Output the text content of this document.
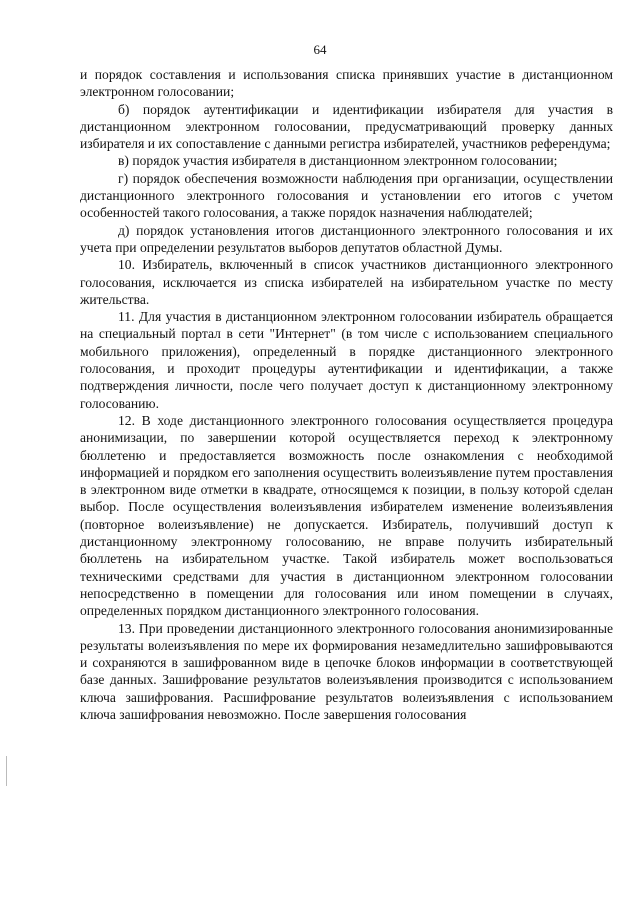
64

и порядок составления и использования списка принявших участие в дистанционном электронном голосовании;

б) порядок аутентификации и идентификации избирателя для участия в дистанционном электронном голосовании, предусматривающий проверку данных избирателя и их сопоставление с данными регистра избирателей, участников референдума;

в) порядок участия избирателя в дистанционном электронном голосовании;

г) порядок обеспечения возможности наблюдения при организации, осуществлении дистанционного электронного голосования и установлении его итогов с учетом особенностей такого голосования, а также порядок назначения наблюдателей;

д) порядок установления итогов дистанционного электронного голосования и их учета при определении результатов выборов депутатов областной Думы.

10. Избиратель, включенный в список участников дистанционного электронного голосования, исключается из списка избирателей на избирательном участке по месту жительства.

11. Для участия в дистанционном электронном голосовании избиратель обращается на специальный портал в сети "Интернет" (в том числе с использованием специального мобильного приложения), определенный в порядке дистанционного электронного голосования, и проходит процедуры аутентификации и идентификации, а также подтверждения личности, после чего получает доступ к дистанционному электронному голосованию.

12. В ходе дистанционного электронного голосования осуществляется процедура анонимизации, по завершении которой осуществляется переход к электронному бюллетеню и предоставляется возможность после ознакомления с необходимой информацией и порядком его заполнения осуществить волеизъявление путем проставления в электронном виде отметки в квадрате, относящемся к позиции, в пользу которой сделан выбор. После осуществления волеизъявления избирателем изменение волеизъявления (повторное волеизъявление) не допускается. Избиратель, получивший доступ к дистанционному электронному голосованию, не вправе получить избирательный бюллетень на избирательном участке. Такой избиратель может воспользоваться техническими средствами для участия в дистанционном электронном голосовании непосредственно в помещении для голосования или ином помещении в случаях, определенных порядком дистанционного электронного голосования.

13. При проведении дистанционного электронного голосования анонимизированные результаты волеизъявления по мере их формирования незамедлительно зашифровываются и сохраняются в зашифрованном виде в цепочке блоков информации в соответствующей базе данных. Зашифрование результатов волеизъявления производится с использованием ключа зашифрования. Расшифрование результатов волеизъявления с использованием ключа зашифрования невозможно. После завершения голосования
